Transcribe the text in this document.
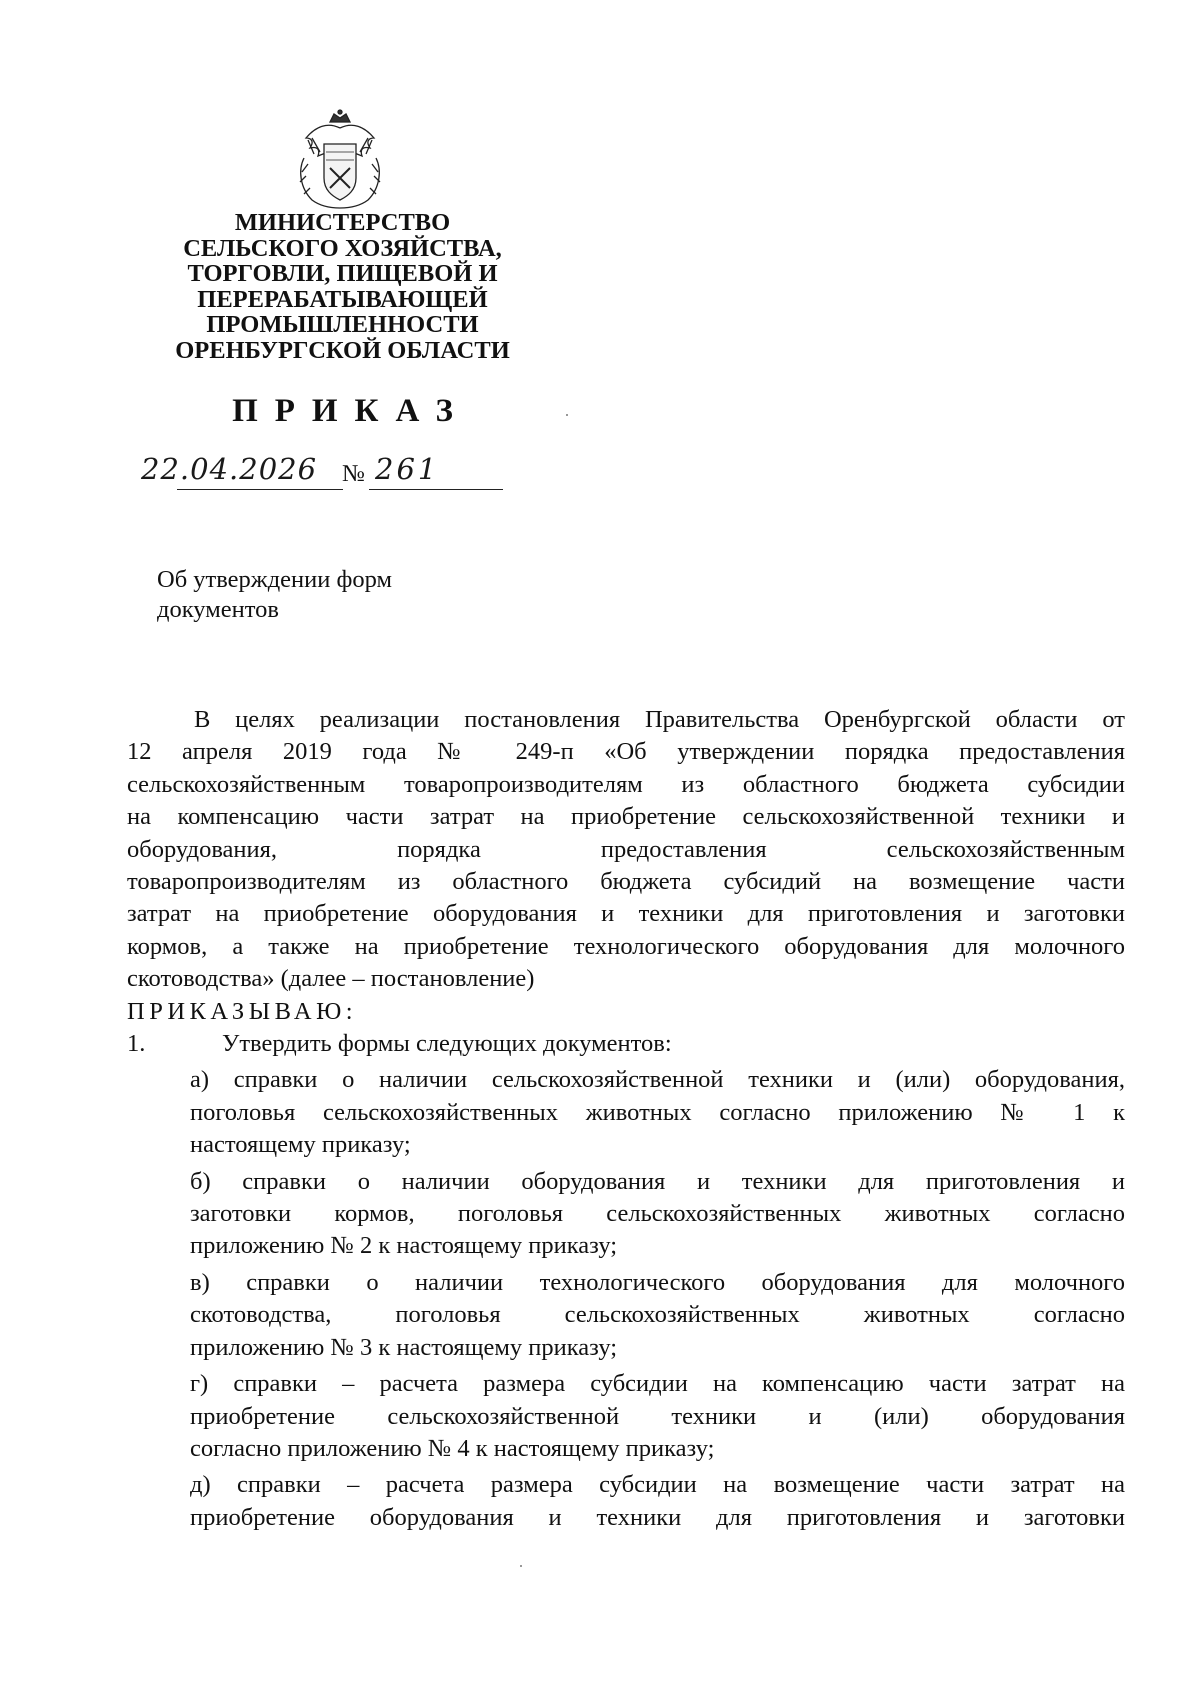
МИНИСТЕРСТВО
СЕЛЬСКОГО ХОЗЯЙСТВА,
ТОРГОВЛИ, ПИЩЕВОЙ И
ПЕРЕРАБАТЫВАЮЩЕЙ
ПРОМЫШЛЕННОСТИ
ОРЕНБУРГСКОЙ ОБЛАСТИ
ПРИКАЗ
22.04.2026 № 261
Об утверждении форм
документов
В целях реализации постановления Правительства Оренбургской области от
12 апреля 2019 года № 249-п «Об утверждении порядка предоставления
сельскохозяйственным товаропроизводителям из областного бюджета субсидии
на компенсацию части затрат на приобретение сельскохозяйственной техники и
оборудования, порядка предоставления сельскохозяйственным
товаропроизводителям из областного бюджета субсидий на возмещение части
затрат на приобретение оборудования и техники для приготовления и заготовки
кормов, а также на приобретение технологического оборудования для молочного
скотоводства» (далее – постановление)
ПРИКАЗЫВАЮ:
1.	Утвердить формы следующих документов:
а) справки о наличии сельскохозяйственной техники и (или) оборудования,
поголовья сельскохозяйственных животных согласно приложению № 1 к
настоящему приказу;
б) справки о наличии оборудования и техники для приготовления и
заготовки кормов, поголовья сельскохозяйственных животных согласно
приложению № 2 к настоящему приказу;
в) справки о наличии технологического оборудования для молочного
скотоводства, поголовья сельскохозяйственных животных согласно
приложению № 3 к настоящему приказу;
г) справки – расчета размера субсидии на компенсацию части затрат на
приобретение сельскохозяйственной техники и (или) оборудования
согласно приложению № 4 к настоящему приказу;
д) справки – расчета размера субсидии на возмещение части затрат на
приобретение оборудования и техники для приготовления и заготовки
